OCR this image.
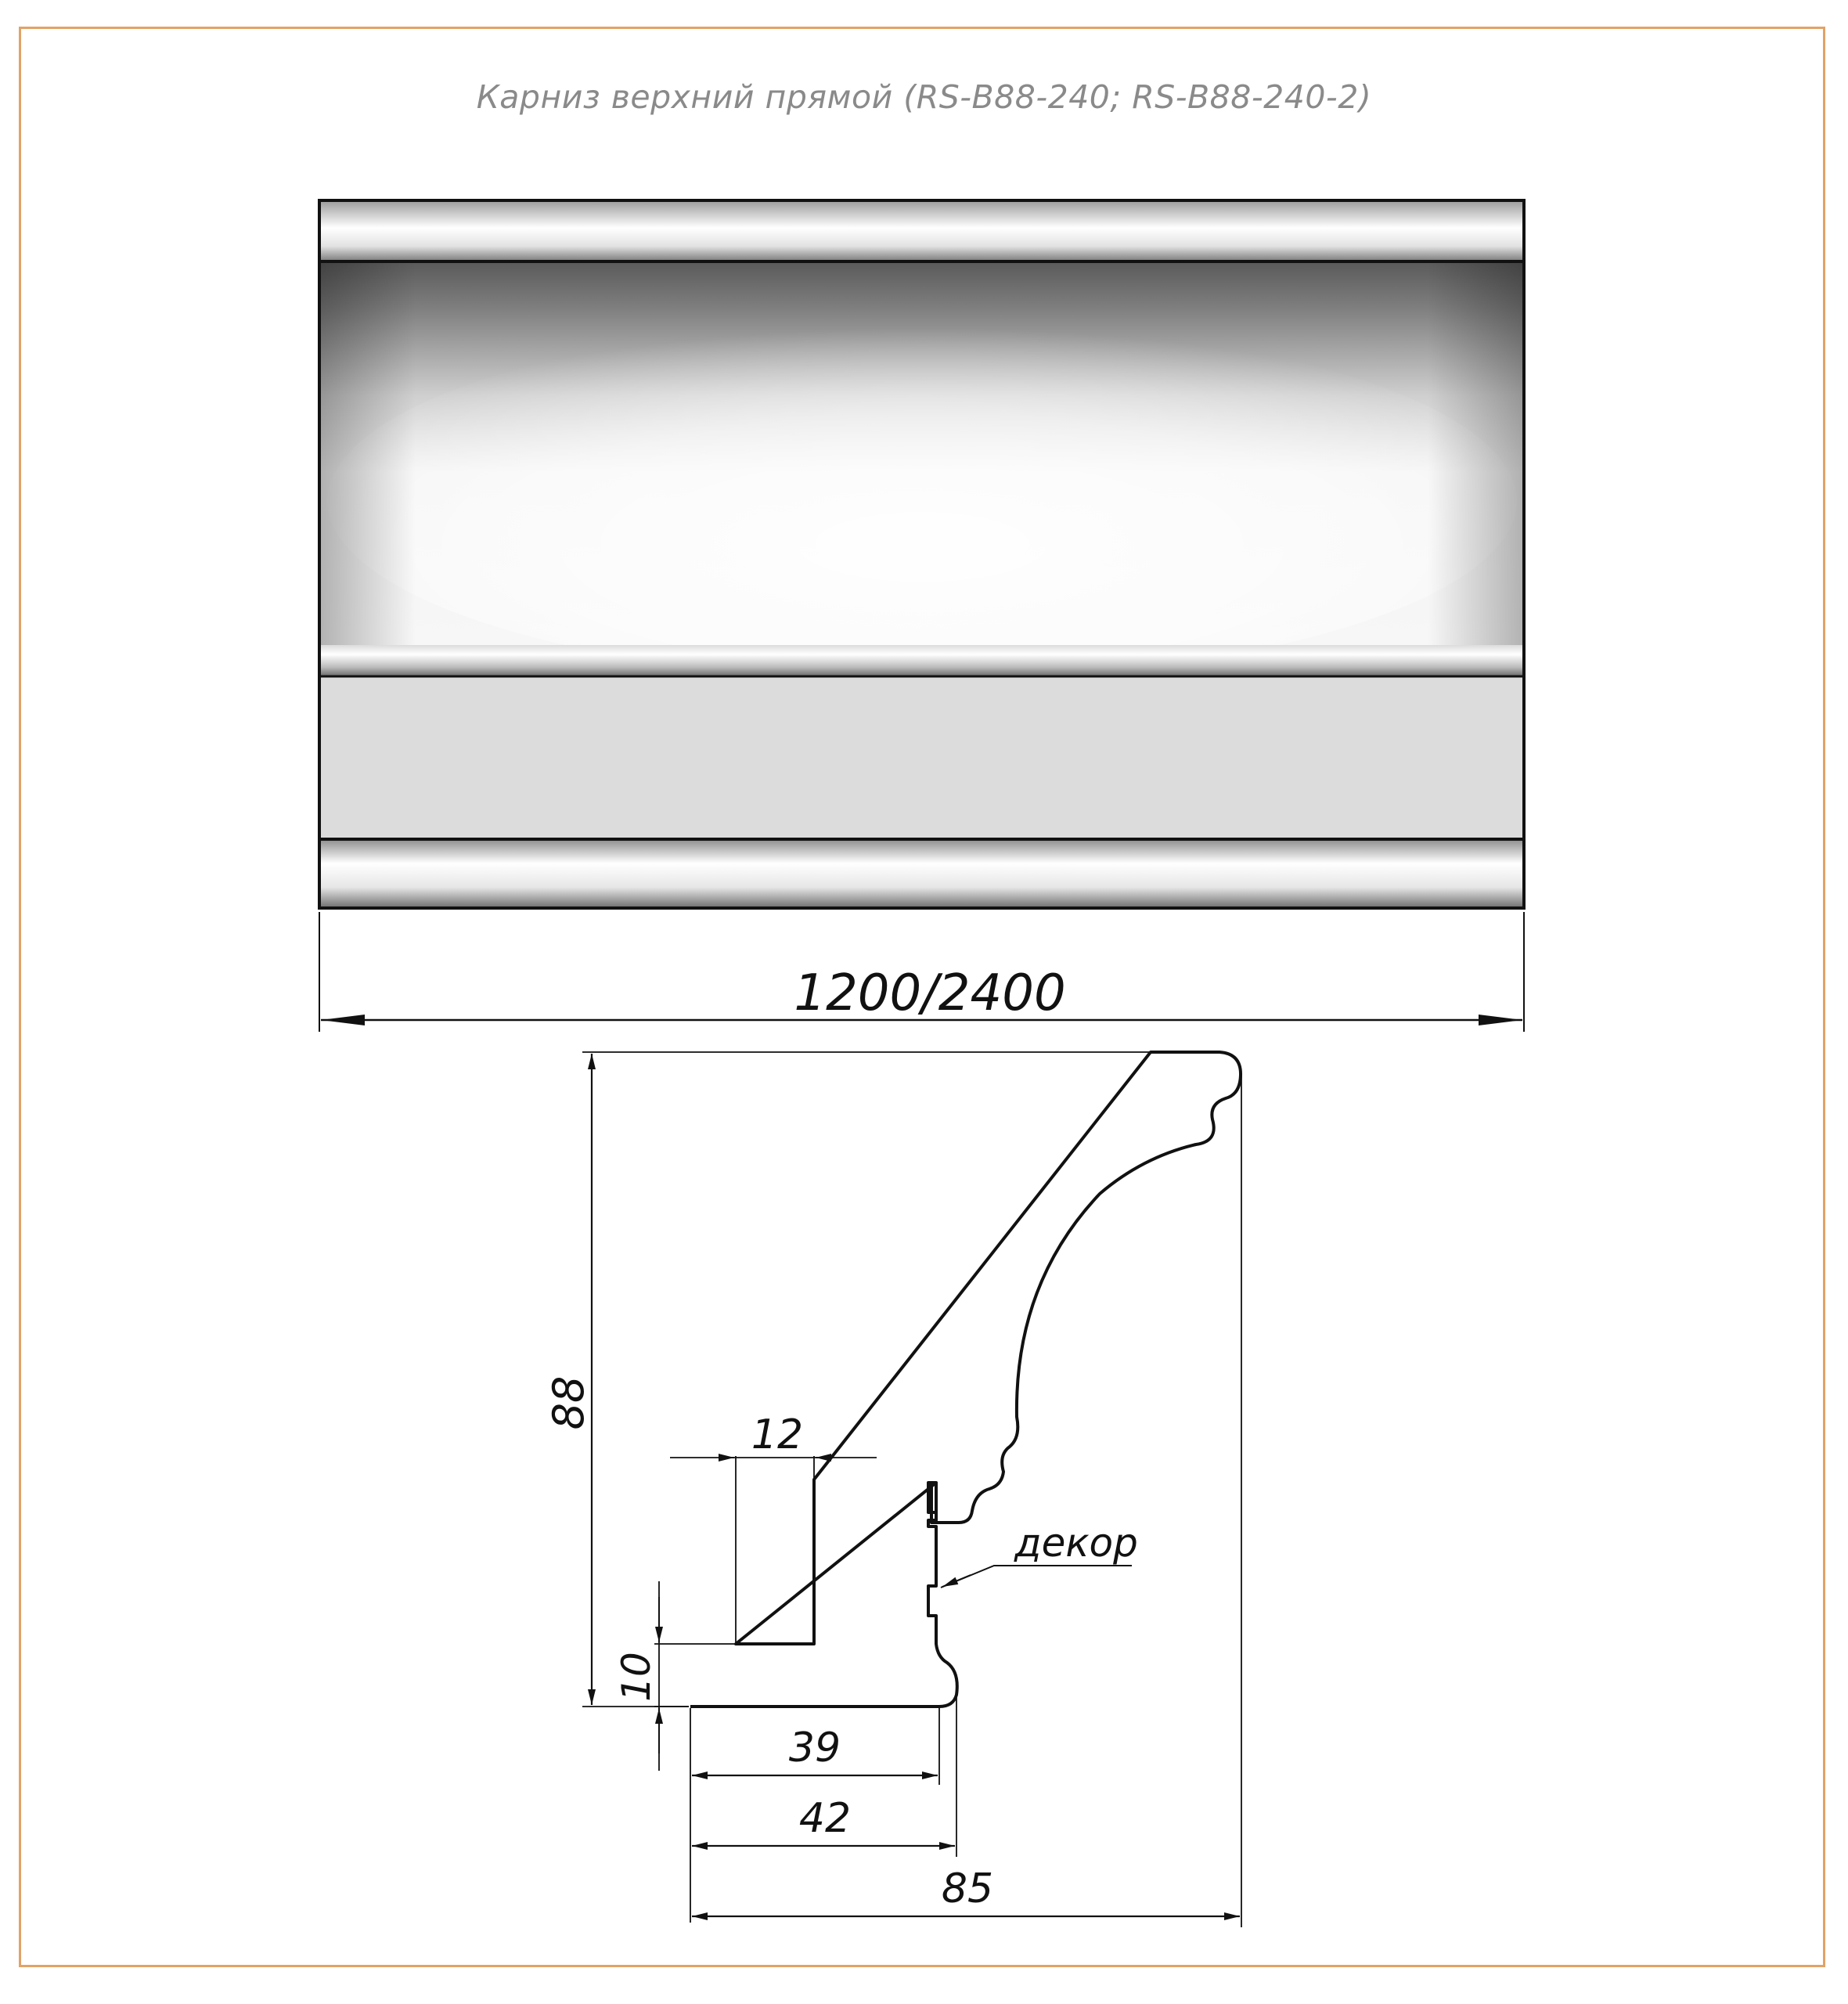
Карниз верхний прямой (RS-B88-240; RS-B88-240-2)
1200/2400
88
12
10
декор
39
42
85
